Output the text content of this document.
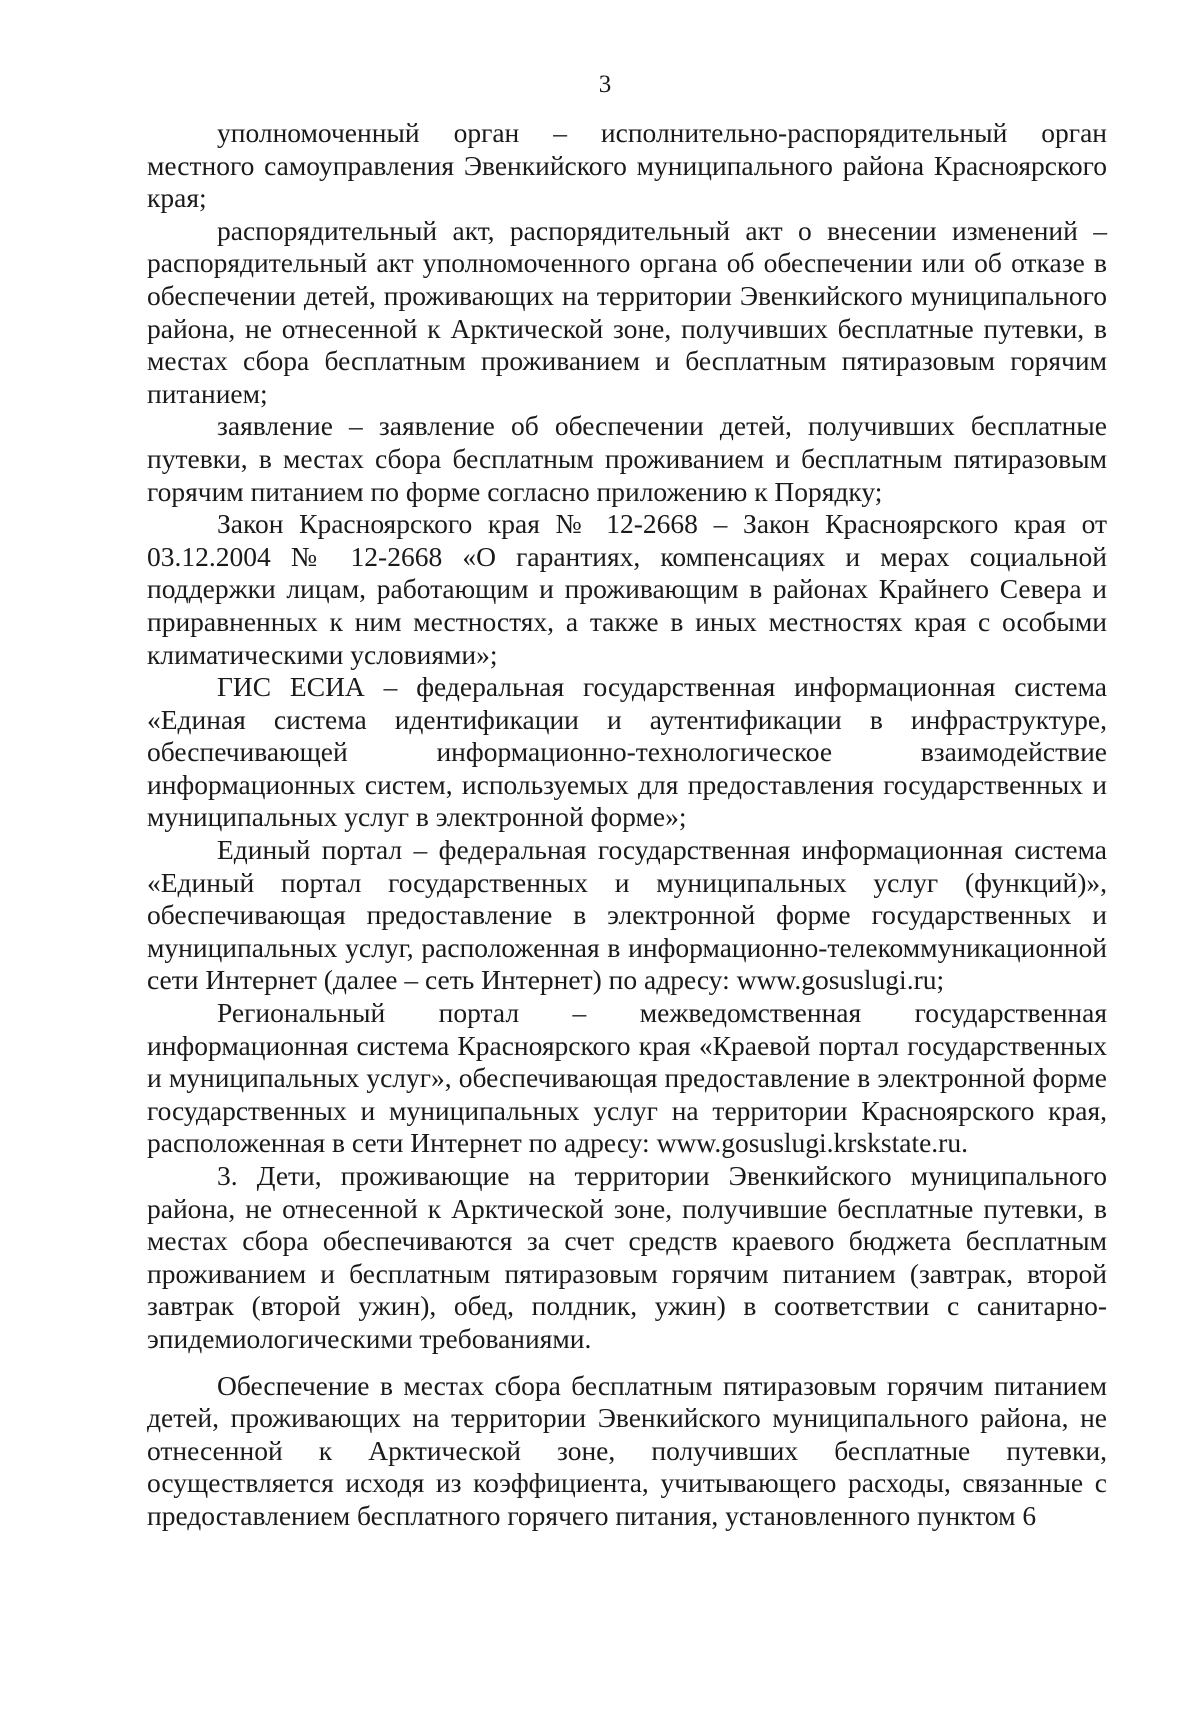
3

уполномоченный орган – исполнительно-распорядительный орган местного самоуправления Эвенкийского муниципального района Красноярского края;

распорядительный акт, распорядительный акт о внесении изменений – распорядительный акт уполномоченного органа об обеспечении или об отказе в обеспечении детей, проживающих на территории Эвенкийского муниципального района, не отнесенной к Арктической зоне, получивших бесплатные путевки, в местах сбора бесплатным проживанием и бесплатным пятиразовым горячим питанием;

заявление – заявление об обеспечении детей, получивших бесплатные путевки, в местах сбора бесплатным проживанием и бесплатным пятиразовым горячим питанием по форме согласно приложению к Порядку;

Закон Красноярского края № 12-2668 – Закон Красноярского края от 03.12.2004 № 12-2668 «О гарантиях, компенсациях и мерах социальной поддержки лицам, работающим и проживающим в районах Крайнего Севера и приравненных к ним местностях, а также в иных местностях края с особыми климатическими условиями»;

ГИС ЕСИА – федеральная государственная информационная система «Единая система идентификации и аутентификации в инфраструктуре, обеспечивающей информационно-технологическое взаимодействие информационных систем, используемых для предоставления государственных и муниципальных услуг в электронной форме»;

Единый портал – федеральная государственная информационная система «Единый портал государственных и муниципальных услуг (функций)», обеспечивающая предоставление в электронной форме государственных и муниципальных услуг, расположенная в информационно-телекоммуникационной сети Интернет (далее – сеть Интернет) по адресу: www.gosuslugi.ru;

Региональный портал – межведомственная государственная информационная система Красноярского края «Краевой портал государственных и муниципальных услуг», обеспечивающая предоставление в электронной форме государственных и муниципальных услуг на территории Красноярского края, расположенная в сети Интернет по адресу: www.gosuslugi.krskstate.ru.

3. Дети, проживающие на территории Эвенкийского муниципального района, не отнесенной к Арктической зоне, получившие бесплатные путевки, в местах сбора обеспечиваются за счет средств краевого бюджета бесплатным проживанием и бесплатным пятиразовым горячим питанием (завтрак, второй завтрак (второй ужин), обед, полдник, ужин) в соответствии с санитарно-эпидемиологическими требованиями.

Обеспечение в местах сбора бесплатным пятиразовым горячим питанием детей, проживающих на территории Эвенкийского муниципального района, не отнесенной к Арктической зоне, получивших бесплатные путевки, осуществляется исходя из коэффициента, учитывающего расходы, связанные с предоставлением бесплатного горячего питания, установленного пунктом 6
